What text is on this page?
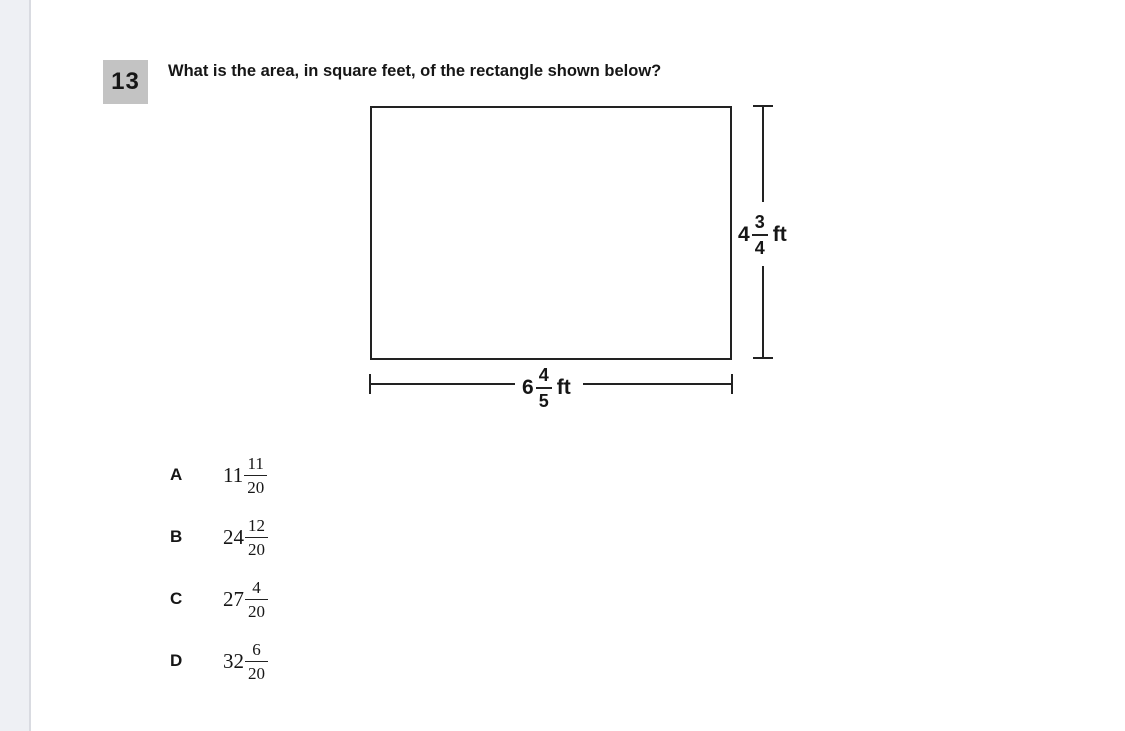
13 What is the area, in square feet, of the rectangle shown below?
$4 \frac{3}{4}$ ft
$6 \frac{4}{5}$ ft
A	$11 \frac{11}{20}$
B	$24 \frac{12}{20}$
C	$27 \frac{4}{20}$
D	$32 \frac{6}{20}$
